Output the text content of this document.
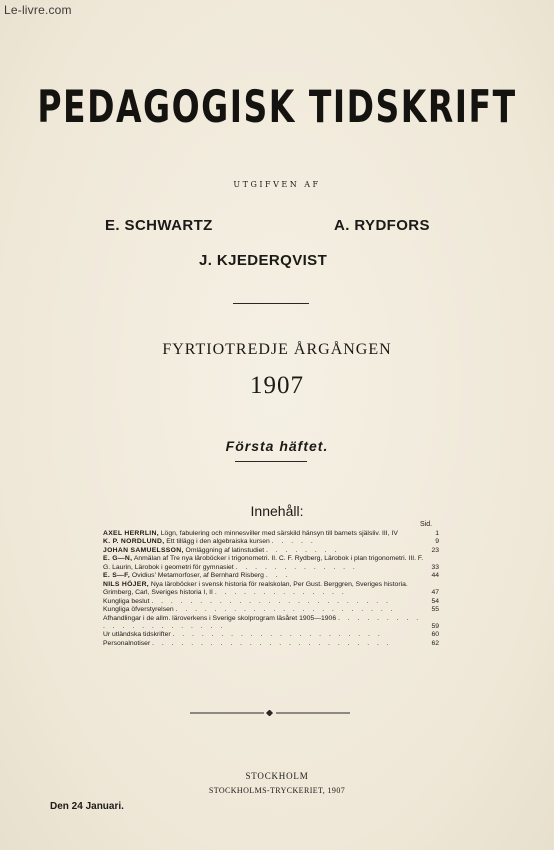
Le-livre.com
PEDAGOGISK TIDSKRIFT
UTGIFVEN AF
E. SCHWARTZ	A. RYDFORS
J. KJEDERQVIST
FYRTIOTREDJE ÅRGÅNGEN
1907
Första häftet.
Innehåll:
Sid.
AXEL HERRLIN, Lögn, fabulering och minnesviller med särskild hänsyn till barnets själsliv. III, IV	1
K. P. NORDLUND, Ett tillägg i den algebraiska kursen . . . . .	9
JOHAN SAMUELSSON, Omläggning af latinstudiet . . . . . . . .	23
E. G—N, Anmälan af Tre nya läroböcker i trigonometri. II. C. F. Rydberg, Lärobok i plan trigonometri. III. F. G. Laurin, Lärobok i geometri för gymnasiet . . . . . . . . . . . . .	33
E. S—F, Ovidius' Metamorfoser, af Bernhard Risberg . . .	44
NILS HÖJER, Nya läroböcker i svensk historia för realskolan, Per Gust. Berggren, Sveriges historia. Grimberg, Carl, Sveriges historia I, II . . . . . . . . . . . . . .	47
Kungliga beslut . . . . . . . . . . . . . . . . . . . . . . . . .	54
Kungliga öfverstyrelsen . . . . . . . . . . . . . . . . . . . . . . .	55
Afhandlingar i de allm. läroverkens i Sverige skolprogram läsåret 1905—1906 . . . . . . . . . . . . . . . . . . . . . .	59
Ur utländska tidskrifter . . . . . . . . . . . . . . . . . . . . . .	60
Personalnotiser . . . . . . . . . . . . . . . . . . . . . . . . .	62
STOCKHOLM
STOCKHOLMS-TRYCKERIET, 1907
Den 24 Januari.
